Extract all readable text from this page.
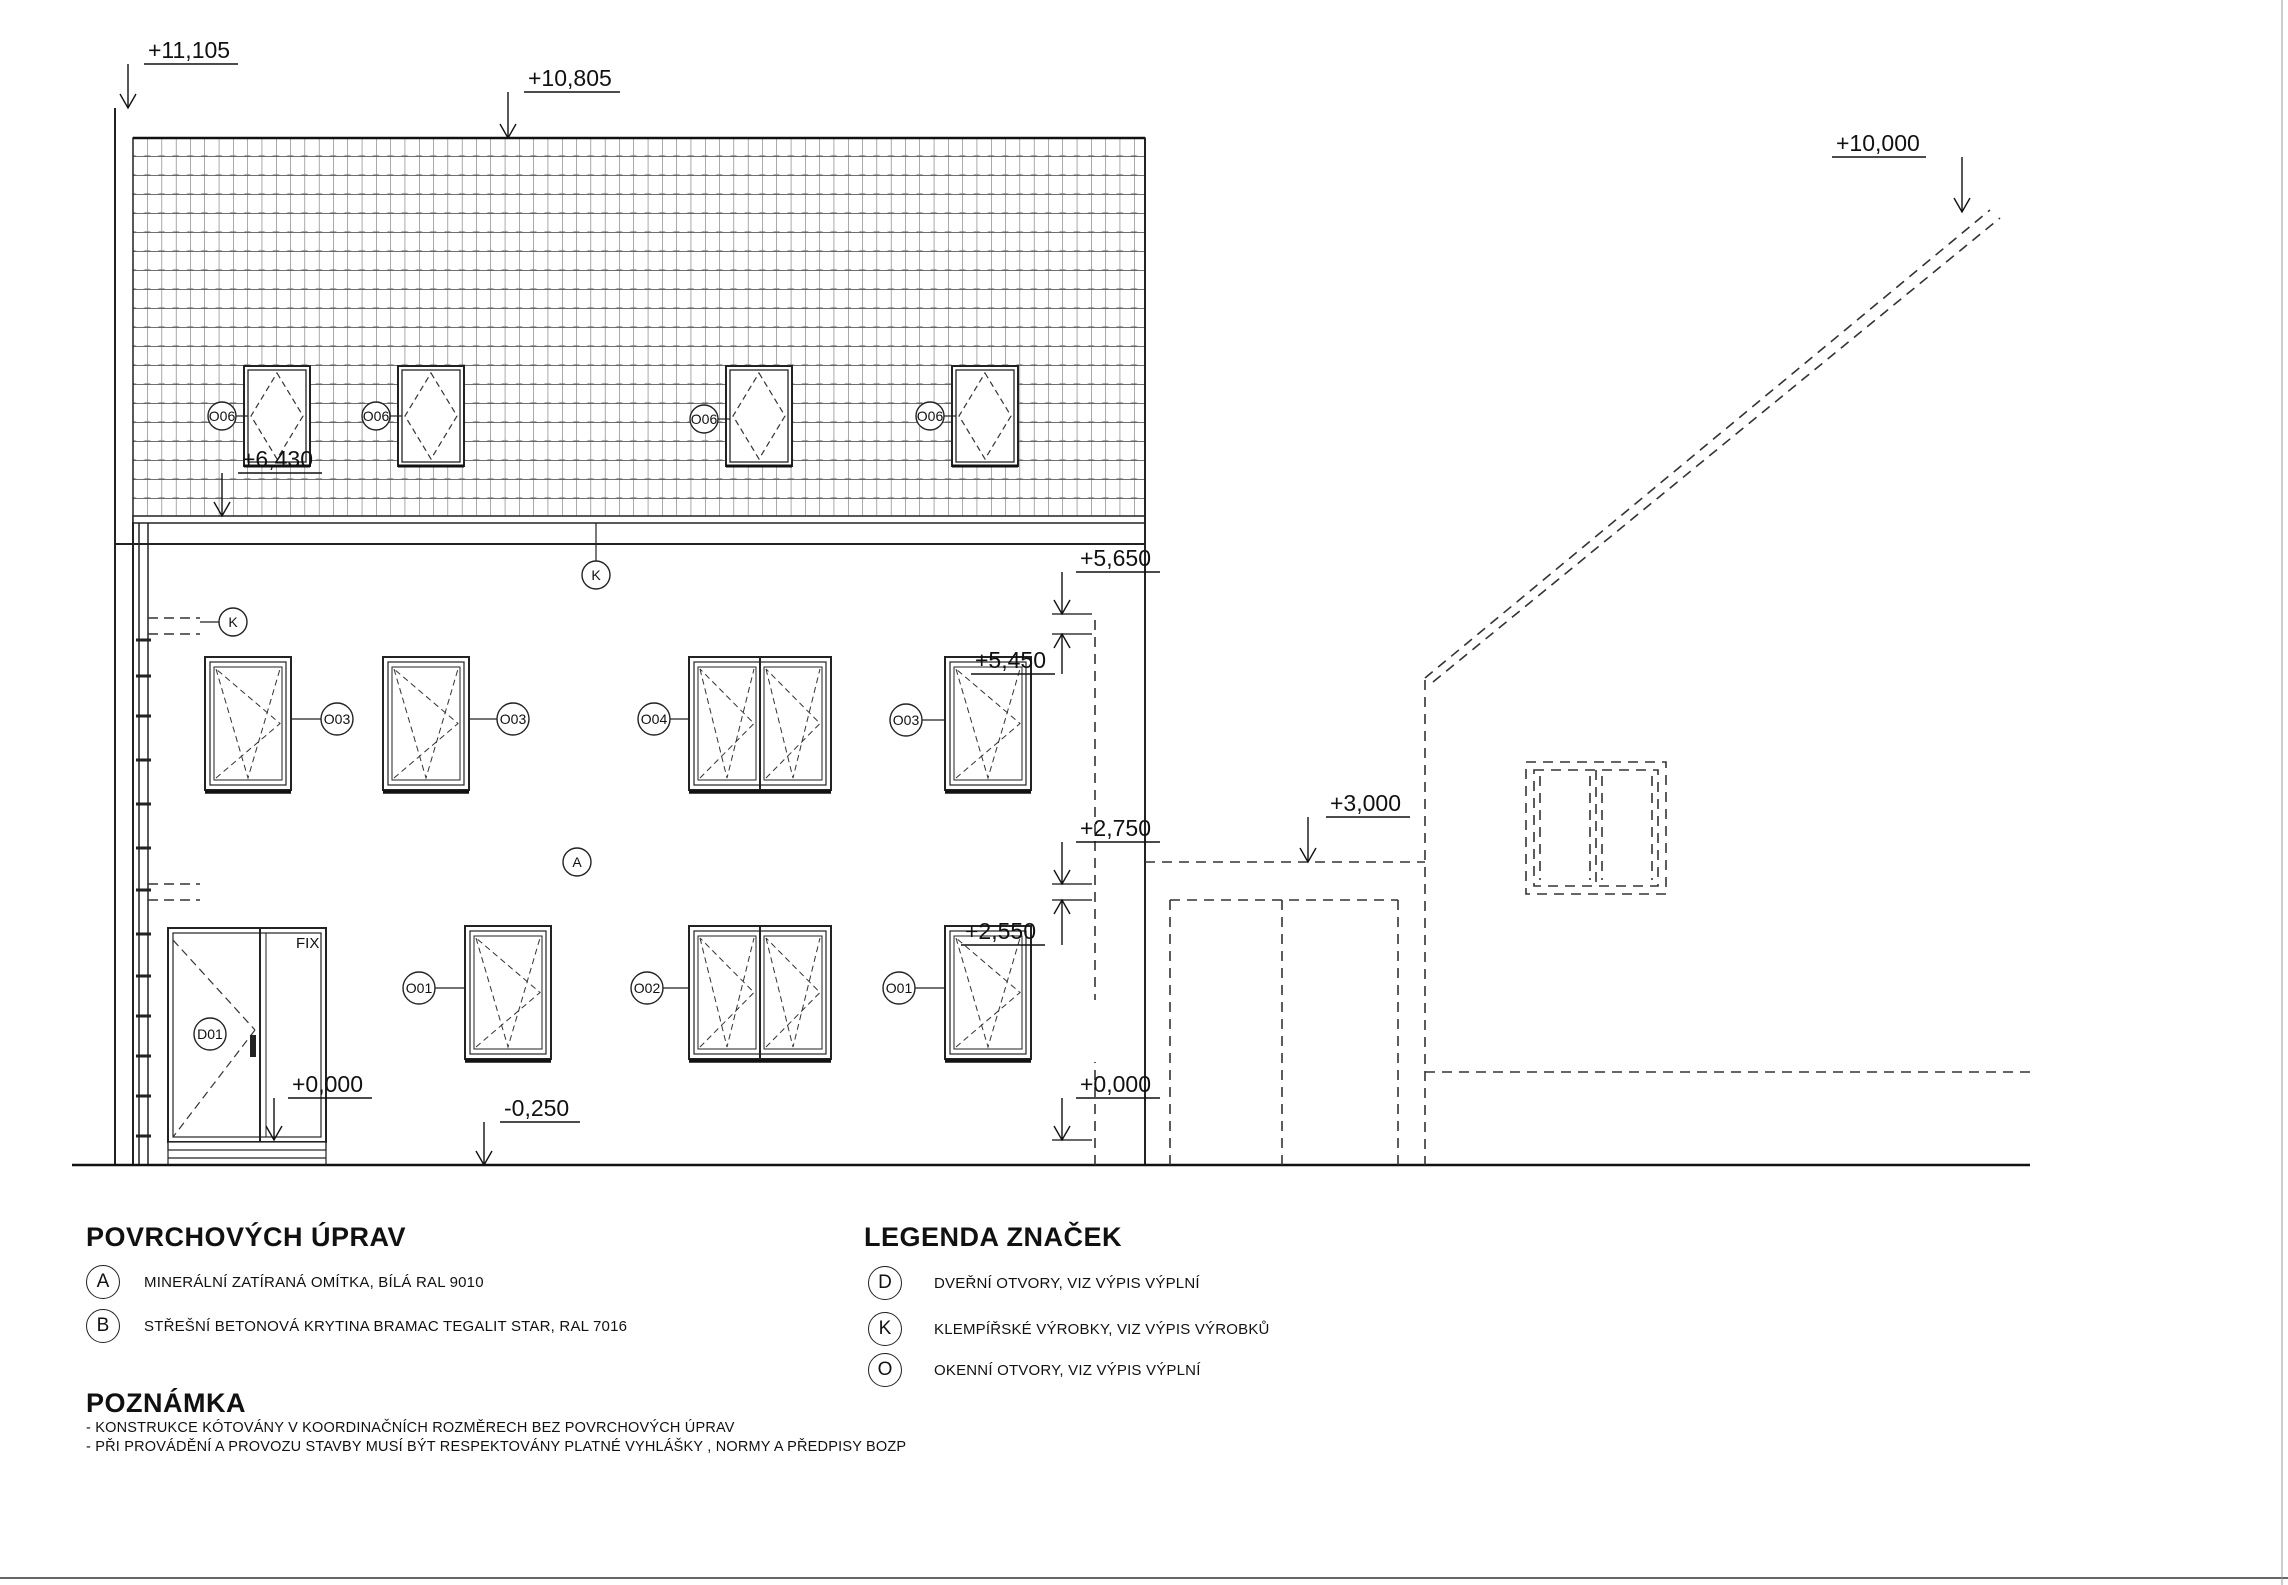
+11,105
+10,805
+10,000
+6,430
+5,650
+5,450
+3,000
+2,750
+2,550
+0,000	+0,000
-0,250
O06	O06	O06	O06
O03	O03	O04	O03
O01	O02	O01
D01
K
K
A
FIX
POVRCHOVÝCH ÚPRAV
A	MINERÁLNÍ ZATÍRANÁ OMÍTKA, BÍLÁ RAL 9010
B	STŘEŠNÍ BETONOVÁ KRYTINA BRAMAC TEGALIT STAR, RAL 7016
LEGENDA ZNAČEK
D	DVEŘNÍ OTVORY, VIZ VÝPIS VÝPLNÍ
K	KLEMPÍŘSKÉ VÝROBKY, VIZ VÝPIS VÝROBKŮ
O	OKENNÍ OTVORY, VIZ VÝPIS VÝPLNÍ
POZNÁMKA
- KONSTRUKCE KÓTOVÁNY V KOORDINAČNÍCH ROZMĚRECH BEZ POVRCHOVÝCH ÚPRAV
- PŘI PROVÁDĚNÍ A PROVOZU STAVBY MUSÍ BÝT RESPEKTOVÁNY PLATNÉ VYHLÁŠKY , NORMY A PŘEDPISY BOZP
